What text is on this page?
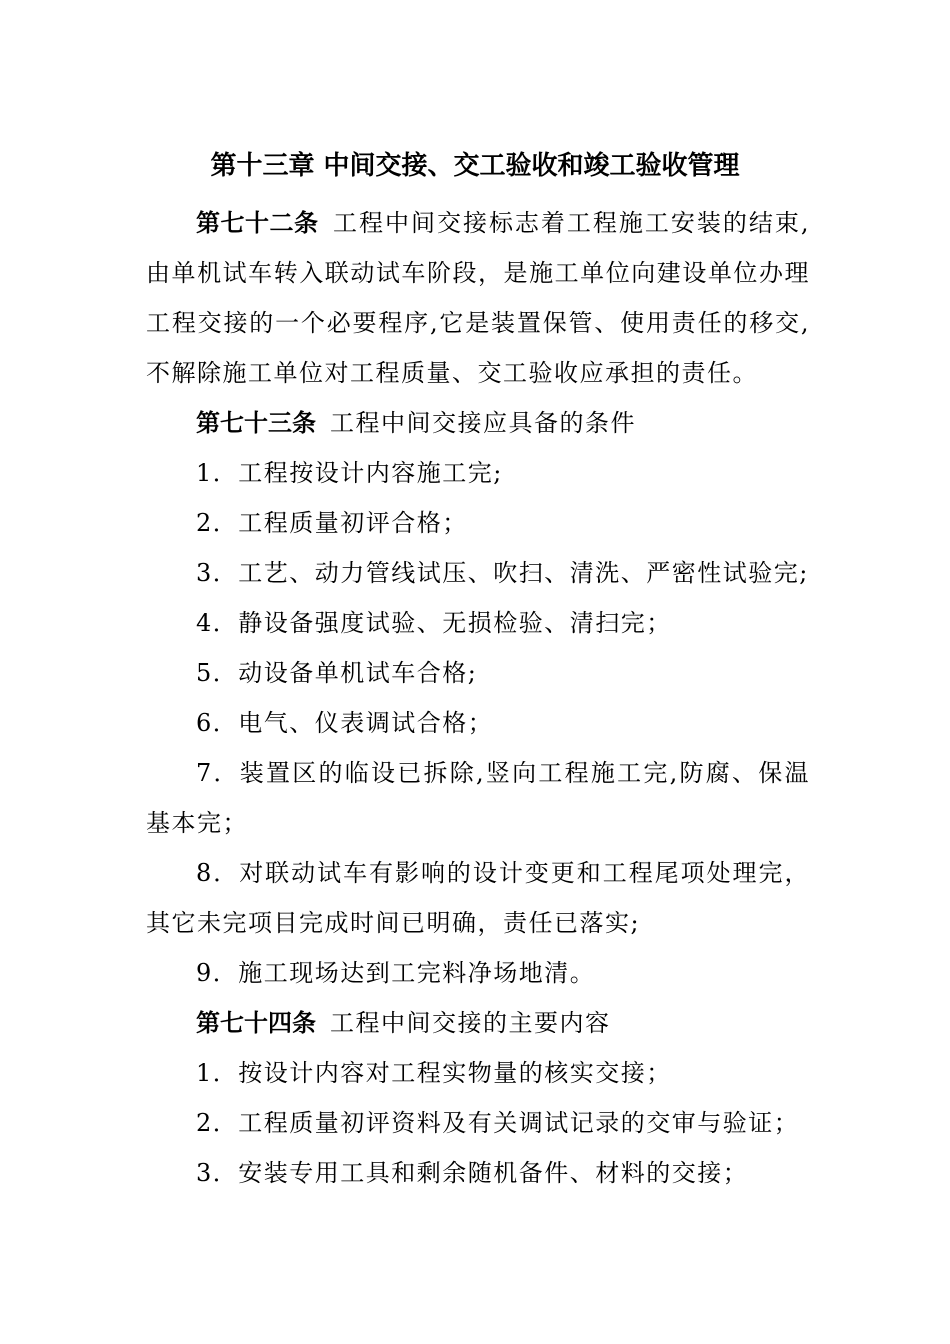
第十三章 中间交接、交工验收和竣工验收管理

第七十二条 工程中间交接标志着工程施工安装的结束,由单机试车转入联动试车阶段，是施工单位向建设单位办理工程交接的一个必要程序,它是装置保管、使用责任的移交,不解除施工单位对工程质量、交工验收应承担的责任。

第七十三条 工程中间交接应具备的条件

1．工程按设计内容施工完;

2．工程质量初评合格；

3．工艺、动力管线试压、吹扫、清洗、严密性试验完;

4．静设备强度试验、无损检验、清扫完；

5．动设备单机试车合格;

6．电气、仪表调试合格；

7．装置区的临设已拆除,竖向工程施工完,防腐、保温基本完；

8．对联动试车有影响的设计变更和工程尾项处理完，其它未完项目完成时间已明确，责任已落实;

9．施工现场达到工完料净场地清。

第七十四条 工程中间交接的主要内容

1．按设计内容对工程实物量的核实交接；

2．工程质量初评资料及有关调试记录的交审与验证；

3．安装专用工具和剩余随机备件、材料的交接；
